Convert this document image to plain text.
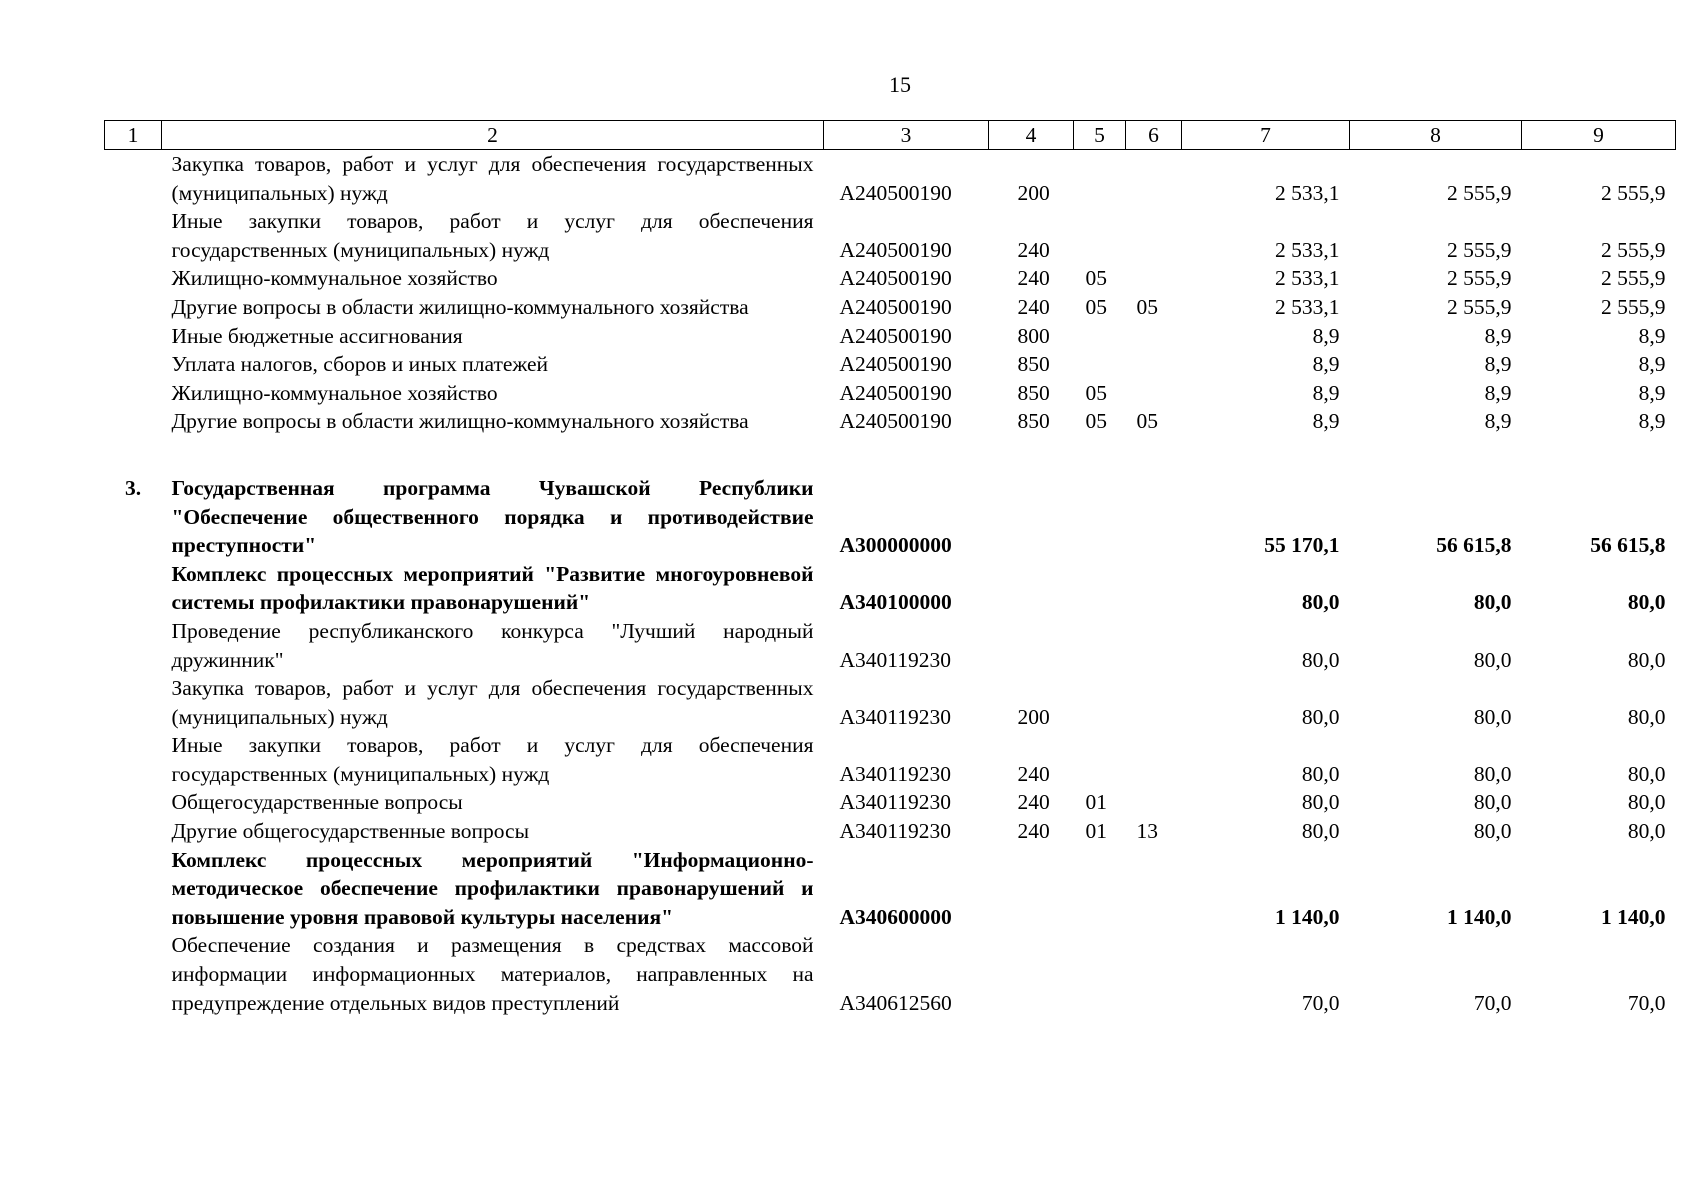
15
1	2	3	4	5	6	7	8	9
	Закупка товаров, работ и услуг для обеспечения государственных (муниципальных) нужд	A240500190	200			2 533,1	2 555,9	2 555,9
	Иные закупки товаров, работ и услуг для обеспечения государственных (муниципальных) нужд	A240500190	240			2 533,1	2 555,9	2 555,9
	Жилищно-коммунальное хозяйство	A240500190	240	05		2 533,1	2 555,9	2 555,9
	Другие вопросы в области жилищно-коммунального хозяйства	A240500190	240	05	05	2 533,1	2 555,9	2 555,9
	Иные бюджетные ассигнования	A240500190	800			8,9	8,9	8,9
	Уплата налогов, сборов и иных платежей	A240500190	850			8,9	8,9	8,9
	Жилищно-коммунальное хозяйство	A240500190	850	05		8,9	8,9	8,9
	Другие вопросы в области жилищно-коммунального хозяйства	A240500190	850	05	05	8,9	8,9	8,9

3.	Государственная программа Чувашской Республики "Обеспечение общественного порядка и противодействие преступности"	A300000000				55 170,1	56 615,8	56 615,8
	Комплекс процессных мероприятий "Развитие многоуровневой системы профилактики правонарушений"	A340100000				80,0	80,0	80,0
	Проведение республиканского конкурса "Лучший народный дружинник"	A340119230				80,0	80,0	80,0
	Закупка товаров, работ и услуг для обеспечения государственных (муниципальных) нужд	A340119230	200			80,0	80,0	80,0
	Иные закупки товаров, работ и услуг для обеспечения государственных (муниципальных) нужд	A340119230	240			80,0	80,0	80,0
	Общегосударственные вопросы	A340119230	240	01		80,0	80,0	80,0
	Другие общегосударственные вопросы	A340119230	240	01	13	80,0	80,0	80,0
	Комплекс процессных мероприятий "Информационно-методическое обеспечение профилактики правонарушений и повышение уровня правовой культуры населения"	A340600000				1 140,0	1 140,0	1 140,0
	Обеспечение создания и размещения в средствах массовой информации информационных материалов, направленных на предупреждение отдельных видов преступлений	A340612560				70,0	70,0	70,0
